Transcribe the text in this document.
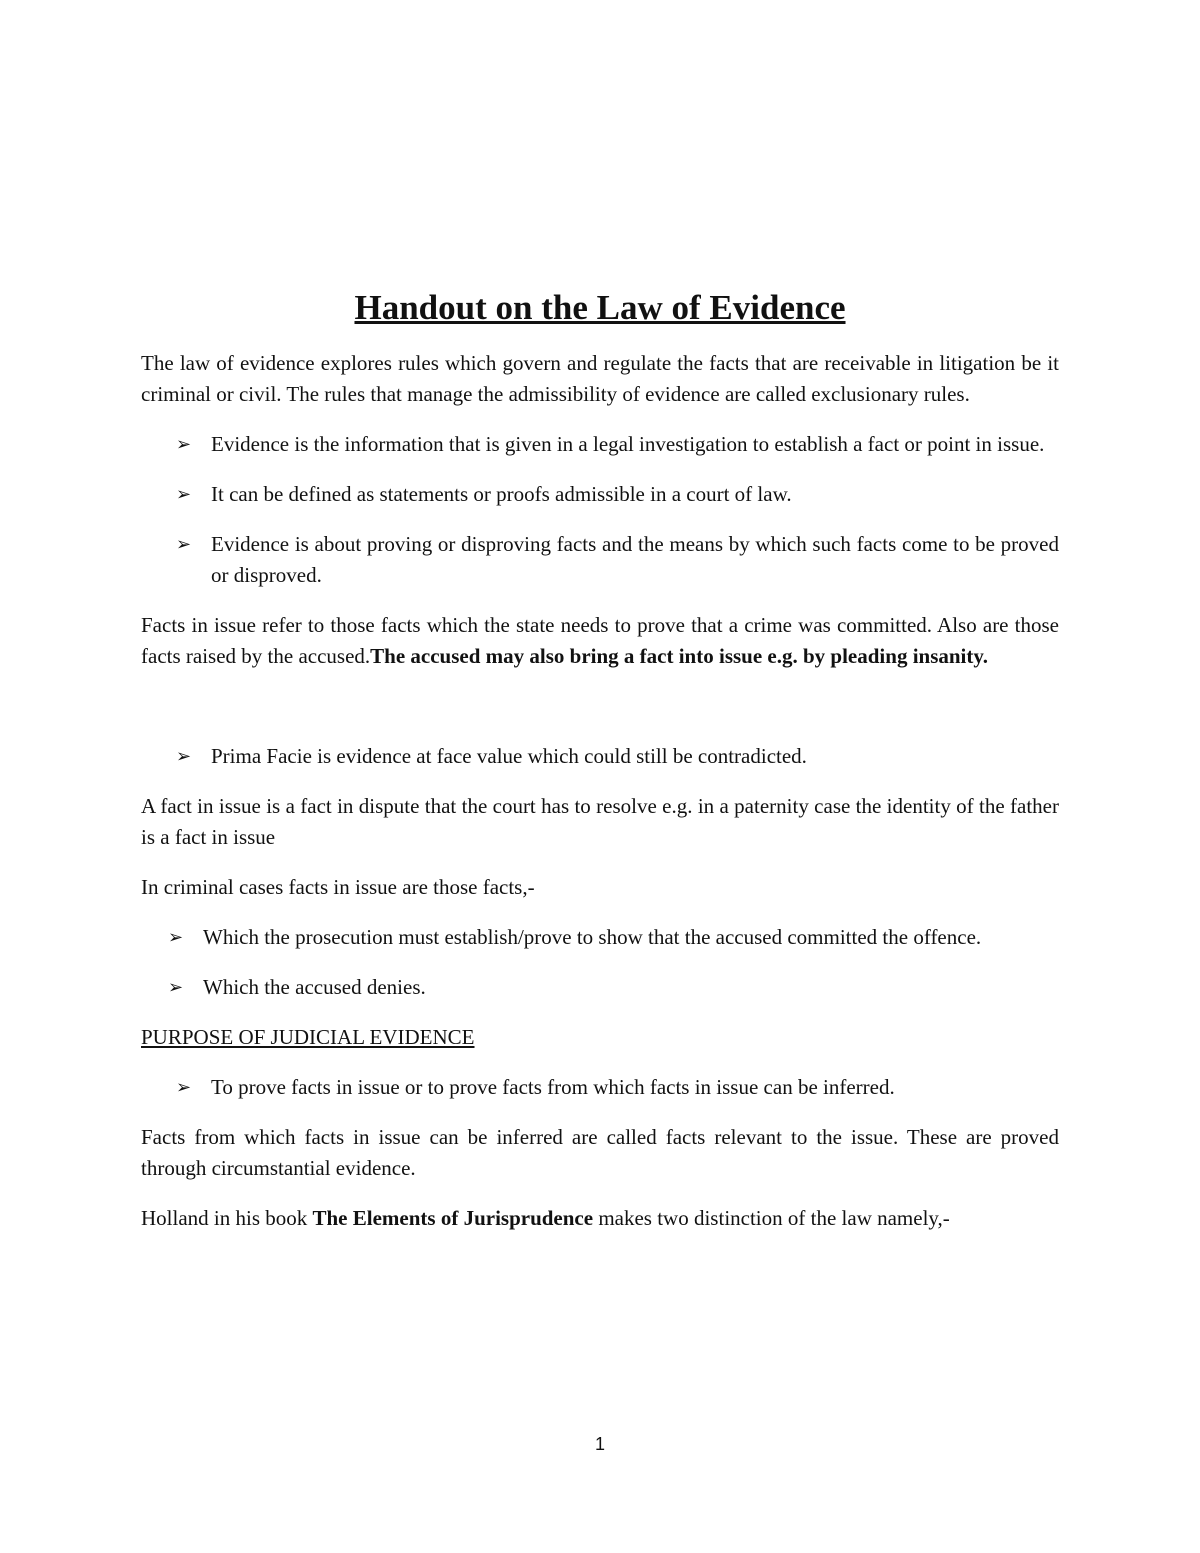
Handout on the Law of Evidence

The law of evidence explores rules which govern and regulate the facts that are receivable in litigation be it criminal or civil. The rules that manage the admissibility of evidence are called exclusionary rules.

➢ Evidence is the information that is given in a legal investigation to establish a fact or point in issue.
➢ It can be defined as statements or proofs admissible in a court of law.
➢ Evidence is about proving or disproving facts and the means by which such facts come to be proved or disproved.

Facts in issue refer to those facts which the state needs to prove that a crime was committed. Also are those facts raised by the accused.The accused may also bring a fact into issue e.g. by pleading insanity.

➢ Prima Facie is evidence at face value which could still be contradicted.

A fact in issue is a fact in dispute that the court has to resolve e.g. in a paternity case the identity of the father is a fact in issue

In criminal cases facts in issue are those facts,-

➢ Which the prosecution must establish/prove to show that the accused committed the offence.
➢ Which the accused denies.
PURPOSE OF JUDICIAL EVIDENCE
➢ To prove facts in issue or to prove facts from which facts in issue can be inferred.

Facts from which facts in issue can be inferred are called facts relevant to the issue. These are proved through circumstantial evidence.

Holland in his book The Elements of Jurisprudence makes two distinction of the law namely,-

1
